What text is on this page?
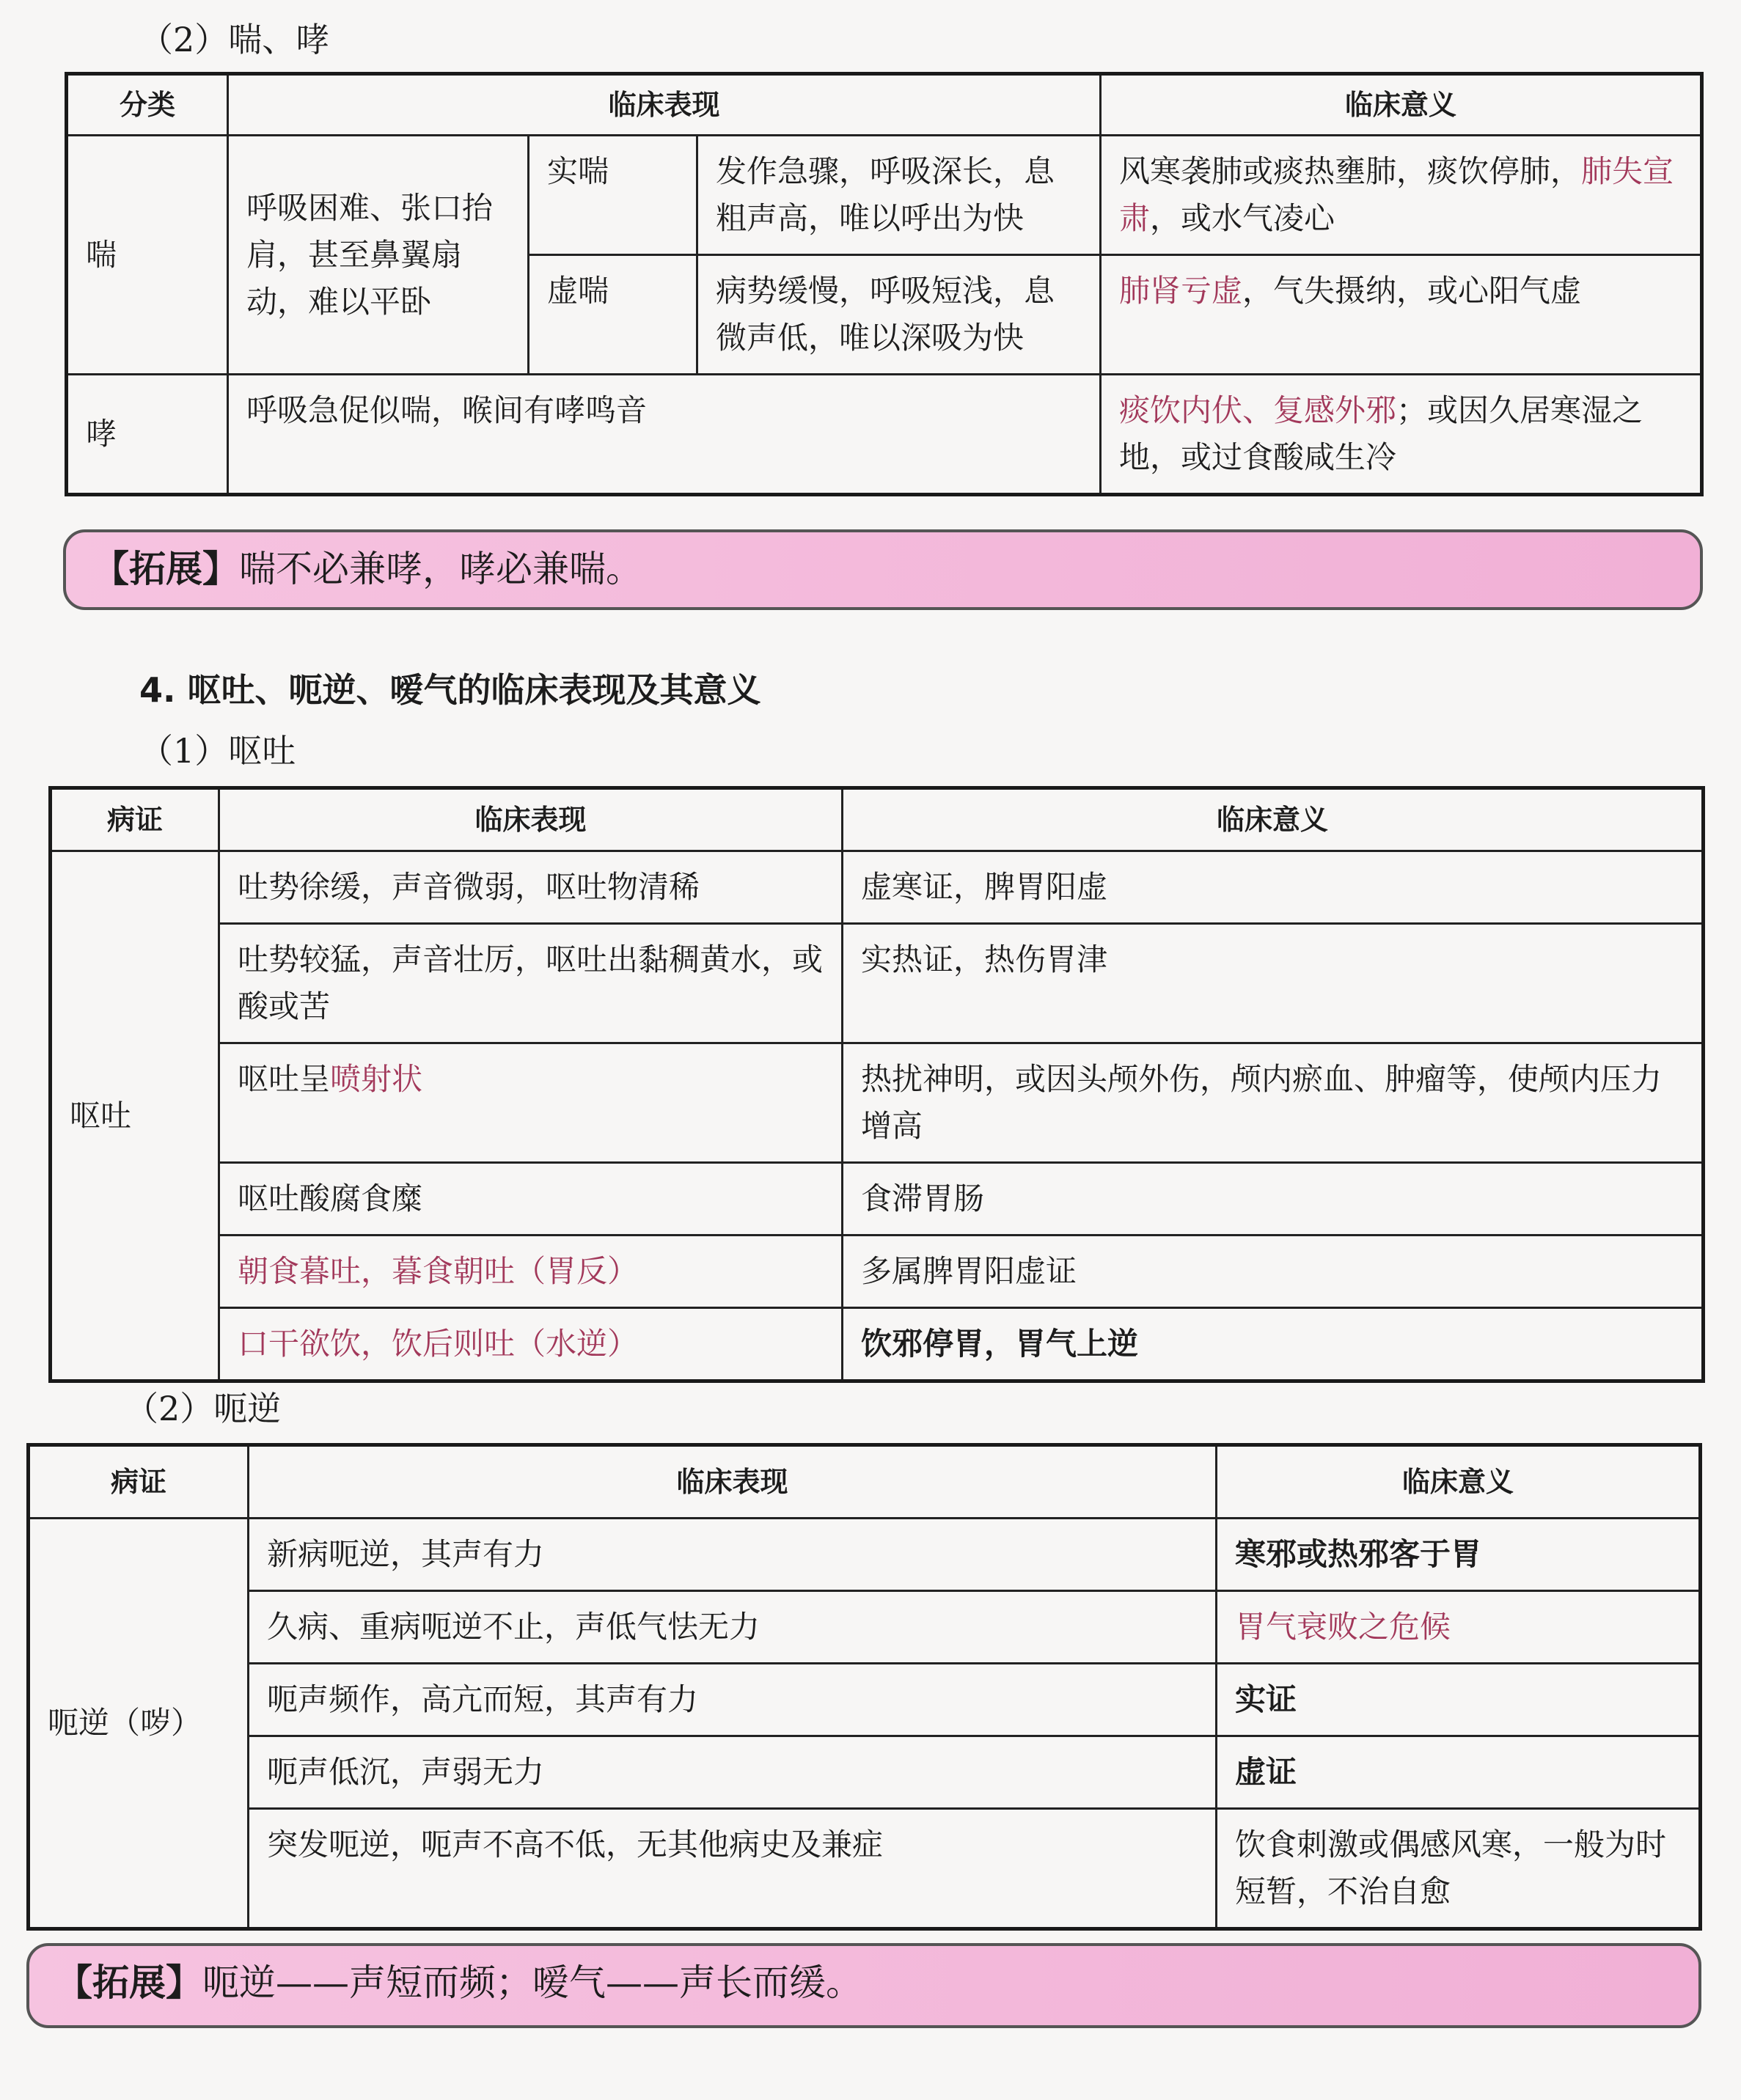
（2）喘、哮
分类	临床表现			临床意义
喘	呼吸困难、张口抬肩，甚至鼻翼扇动，难以平卧	实喘	发作急骤，呼吸深长，息粗声高，唯以呼出为快	风寒袭肺或痰热壅肺，痰饮停肺，肺失宣肃，或水气凌心
		虚喘	病势缓慢，呼吸短浅，息微声低，唯以深吸为快	肺肾亏虚，气失摄纳，或心阳气虚
哮	呼吸急促似喘，喉间有哮鸣音			痰饮内伏、复感外邪；或因久居寒湿之地，或过食酸咸生冷
【拓展】喘不必兼哮，哮必兼喘。
4. 呕吐、呃逆、嗳气的临床表现及其意义
（1）呕吐
病证	临床表现	临床意义
呕吐	吐势徐缓，声音微弱，呕吐物清稀	虚寒证，脾胃阳虚
	吐势较猛，声音壮厉，呕吐出黏稠黄水，或酸或苦	实热证，热伤胃津
	呕吐呈喷射状	热扰神明，或因头颅外伤，颅内瘀血、肿瘤等，使颅内压力增高
	呕吐酸腐食糜	食滞胃肠
	朝食暮吐，暮食朝吐（胃反）	多属脾胃阳虚证
	口干欲饮，饮后则吐（水逆）	饮邪停胃，胃气上逆
（2）呃逆
病证	临床表现	临床意义
呃逆（哕）	新病呃逆，其声有力	寒邪或热邪客于胃
	久病、重病呃逆不止，声低气怯无力	胃气衰败之危候
	呃声频作，高亢而短，其声有力	实证
	呃声低沉，声弱无力	虚证
	突发呃逆，呃声不高不低，无其他病史及兼症	饮食刺激或偶感风寒，一般为时短暂，不治自愈
【拓展】呃逆——声短而频；嗳气——声长而缓。
